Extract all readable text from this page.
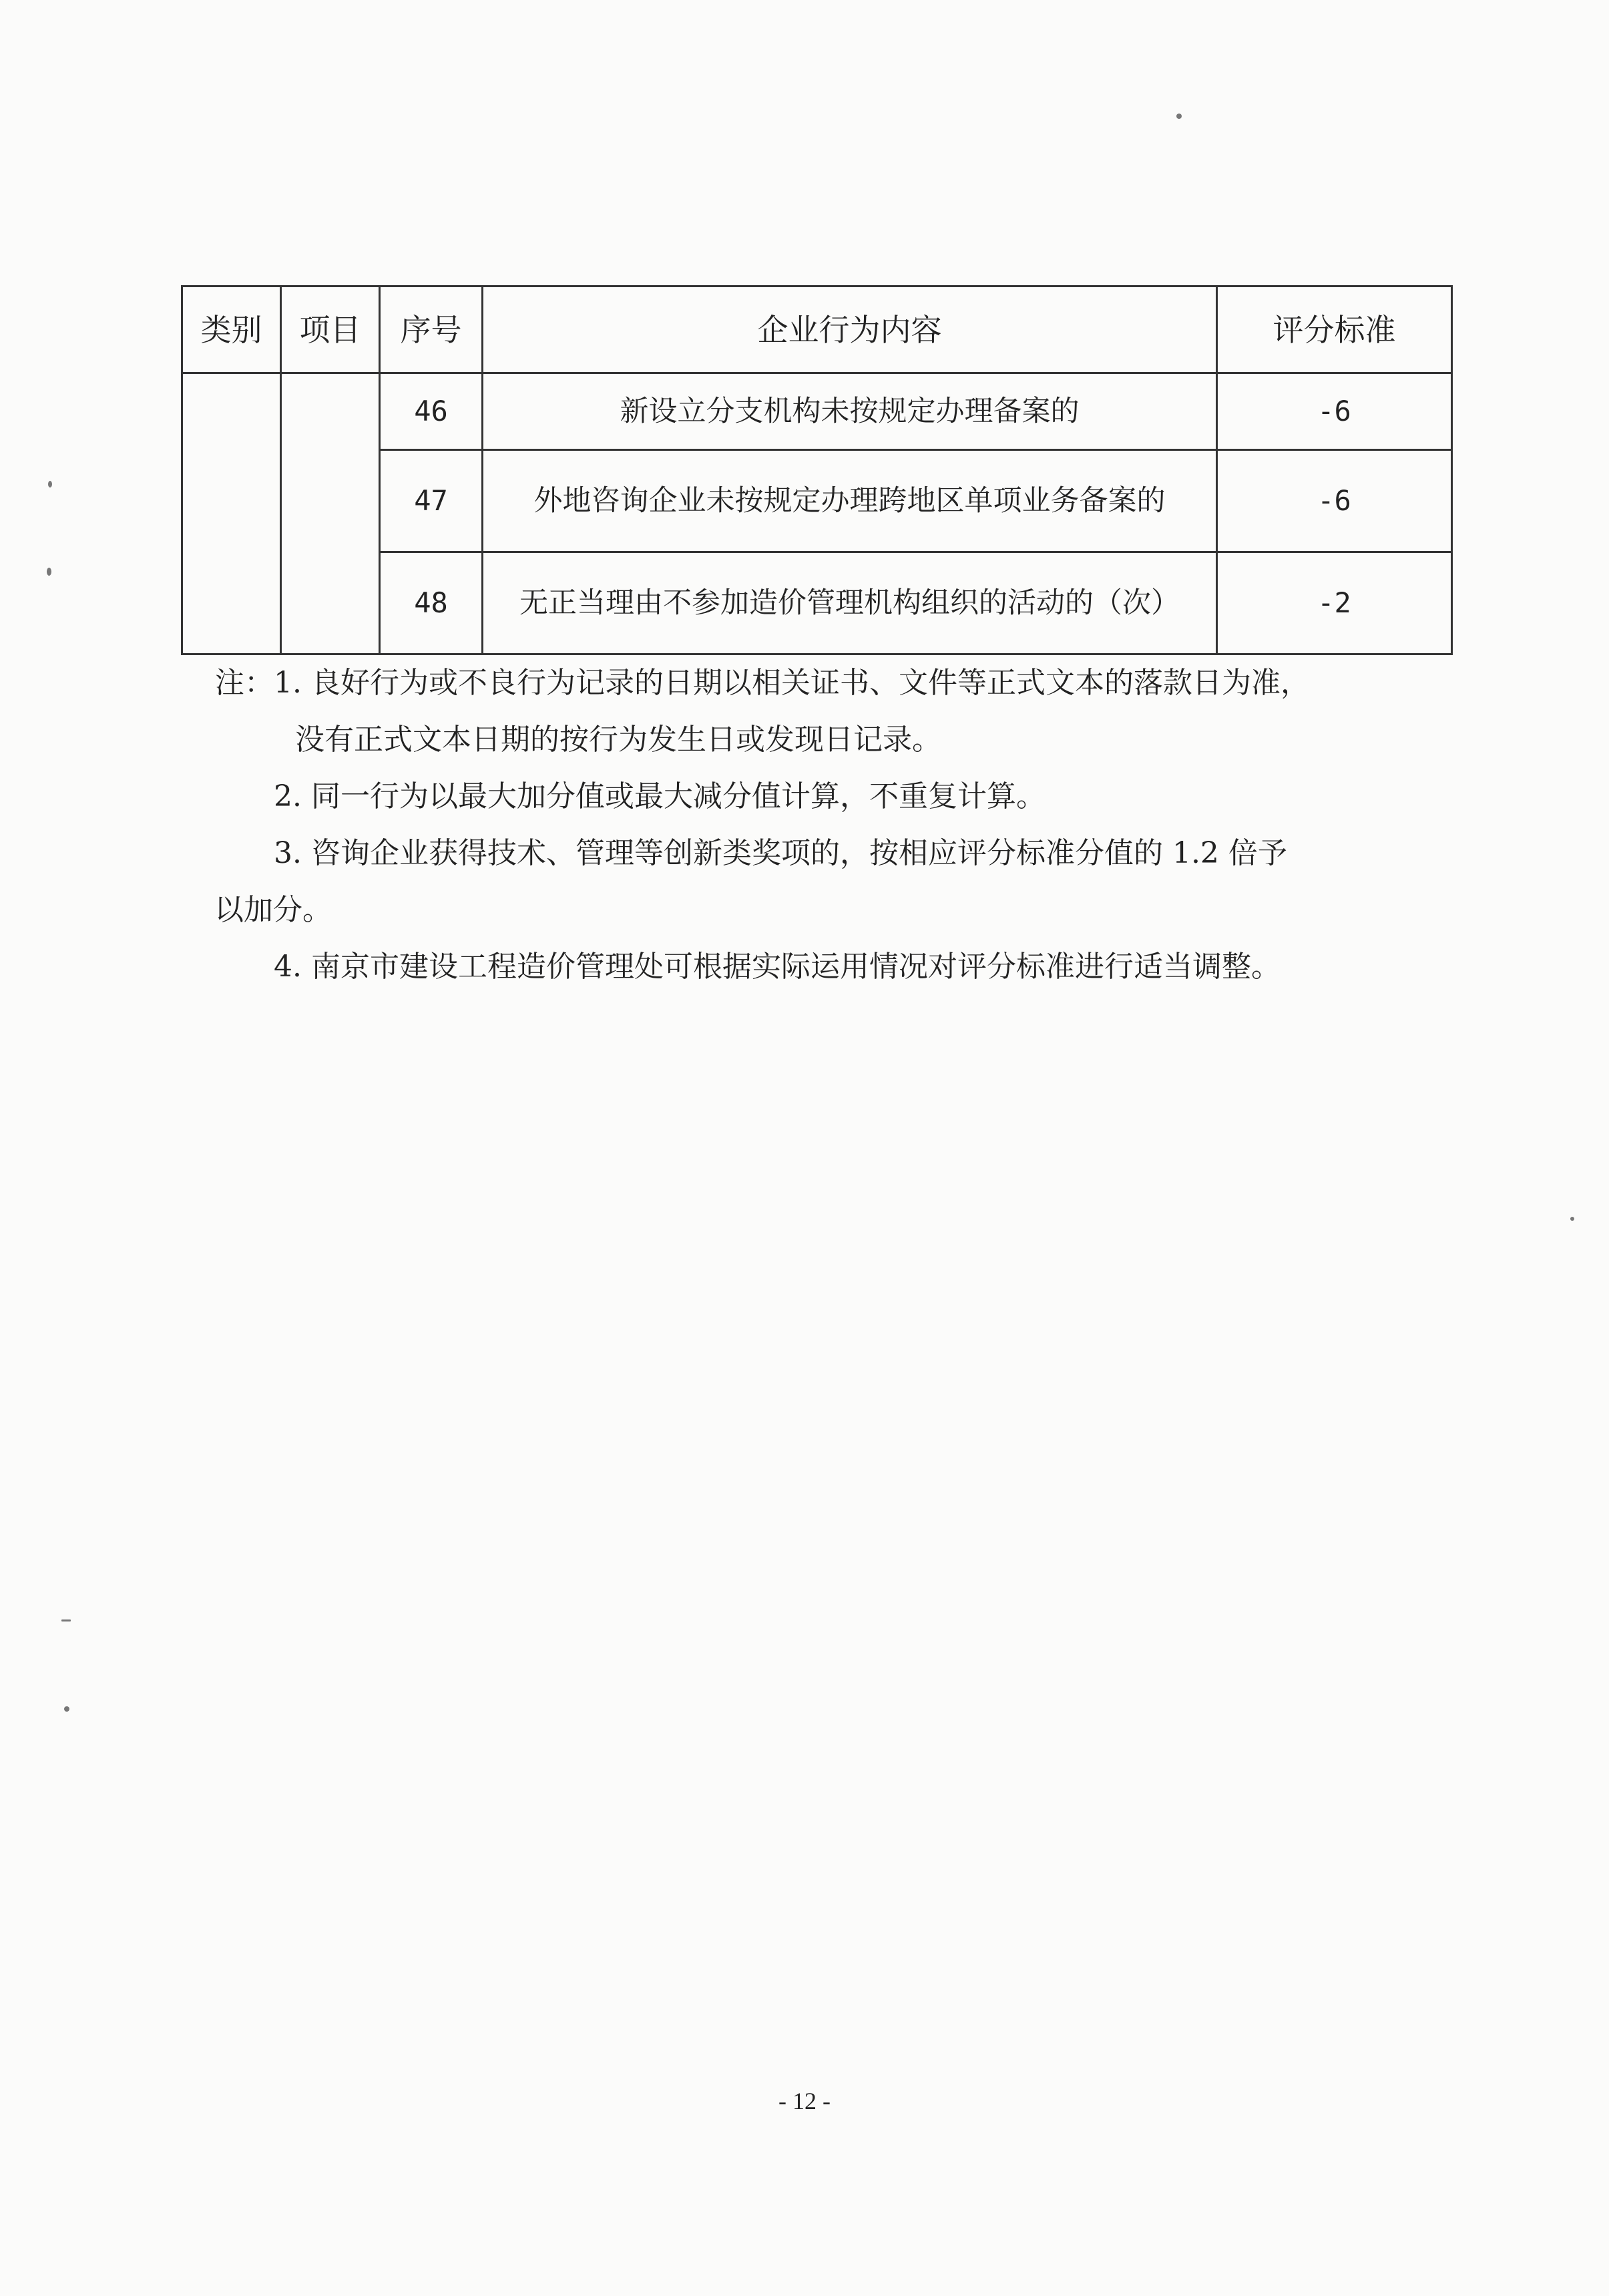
类别	项目	序号	企业行为内容	评分标准
		46	新设立分支机构未按规定办理备案的	-6
		47	外地咨询企业未按规定办理跨地区单项业务备案的	-6
		48	无正当理由不参加造价管理机构组织的活动的（次）	-2
注：1. 良好行为或不良行为记录的日期以相关证书、文件等正式文本的落款日为准，
没有正式文本日期的按行为发生日或发现日记录。
2. 同一行为以最大加分值或最大减分值计算，不重复计算。
3. 咨询企业获得技术、管理等创新类奖项的，按相应评分标准分值的 1.2 倍予
以加分。
4. 南京市建设工程造价管理处可根据实际运用情况对评分标准进行适当调整。
- 12 -
